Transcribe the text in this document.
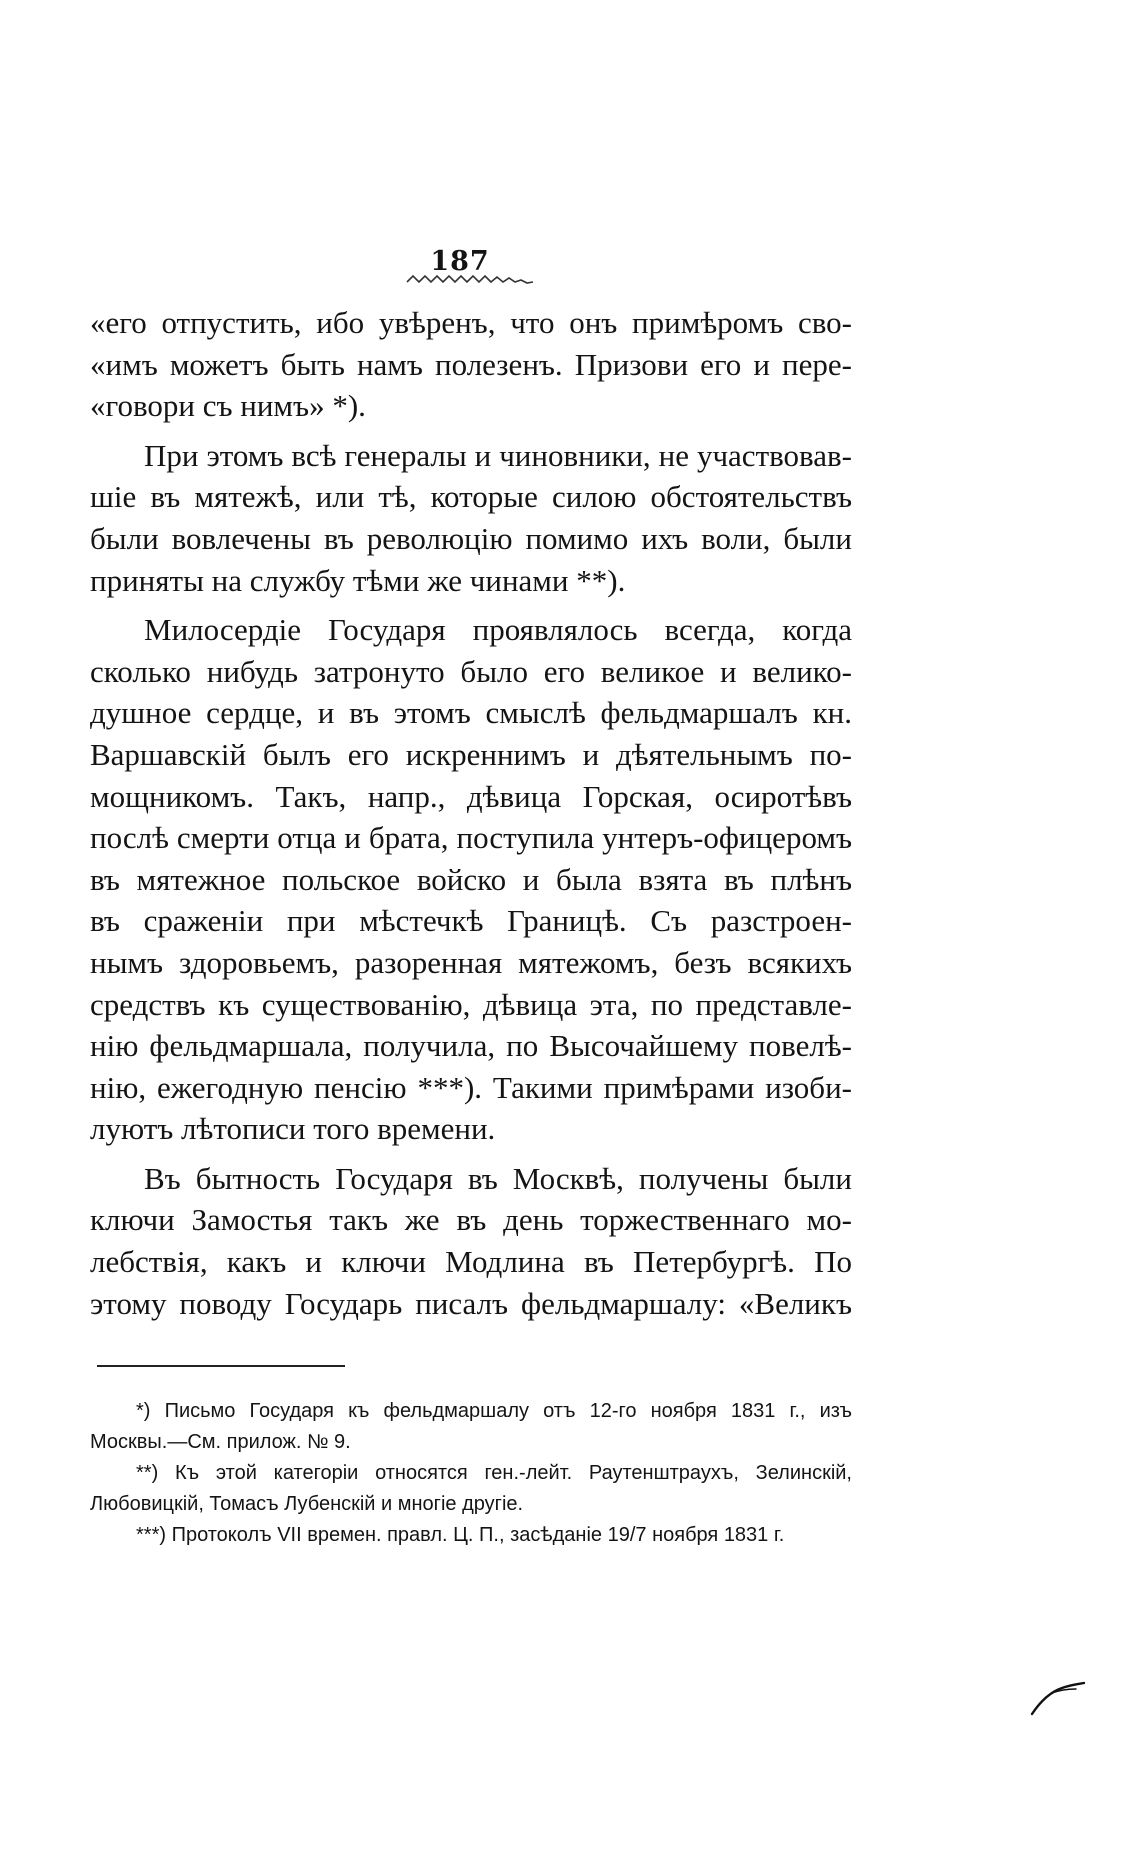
187
«его отпустить, ибо увѣренъ, что онъ примѣромъ сво-
«имъ можетъ быть намъ полезенъ. Призови его и пере-
«говори съ нимъ» *).
При этомъ всѣ генералы и чиновники, не участвовав-
шіе въ мятежѣ, или тѣ, которые силою обстоятельствъ
были вовлечены въ революцію помимо ихъ воли, были
приняты на службу тѣми же чинами **).
Милосердіе Государя проявлялось всегда, когда
сколько нибудь затронуто было его великое и велико-
душное сердце, и въ этомъ смыслѣ фельдмаршалъ кн.
Варшавскій былъ его искреннимъ и дѣятельнымъ по-
мощникомъ. Такъ, напр., дѣвица Горская, осиротѣвъ
послѣ смерти отца и брата, поступила унтеръ-офицеромъ
въ мятежное польское войско и была взята въ плѣнъ
въ сраженіи при мѣстечкѣ Границѣ. Съ разстроен-
нымъ здоровьемъ, разоренная мятежомъ, безъ всякихъ
средствъ къ существованію, дѣвица эта, по представле-
нію фельдмаршала, получила, по Высочайшему повелѣ-
нію, ежегодную пенсію ***). Такими примѣрами изоби-
луютъ лѣтописи того времени.
Въ бытность Государя въ Москвѣ, получены были
ключи Замостья такъ же въ день торжественнаго мо-
лебствія, какъ и ключи Модлина въ Петербургѣ. По
этому поводу Государь писалъ фельдмаршалу: «Великъ
*) Письмо Государя къ фельдмаршалу отъ 12-го ноября 1831 г., изъ
Москвы.—См. прилож. № 9.
**) Къ этой категоріи относятся ген.-лейт. Раутенштраухъ, Зелинскій,
Любовицкій, Томасъ Лубенскій и многіе другіе.
***) Протоколъ VII времен. правл. Ц. П., засѣданіе 19/7 ноября 1831 г.
